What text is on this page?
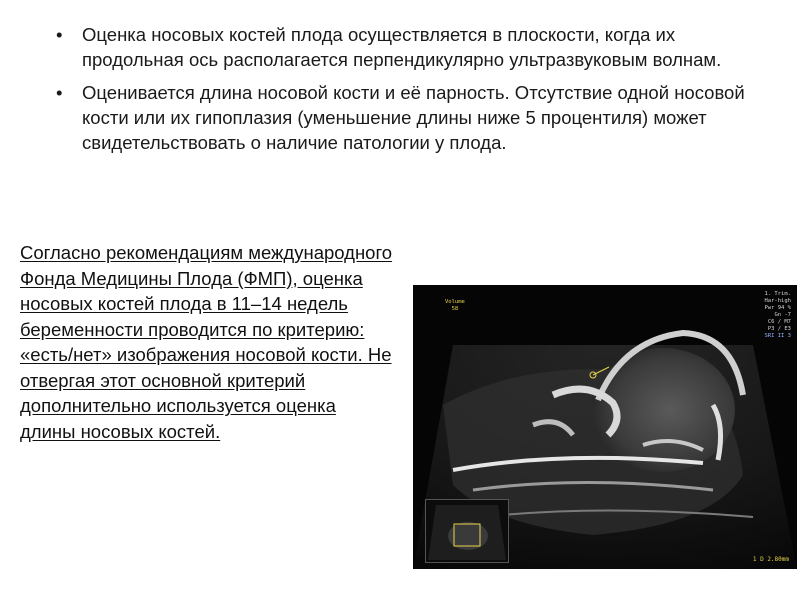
• Оценка носовых костей плода осуществляется в плоскости, когда их продольная ось располагается перпендикулярно ультразвуковым волнам.
• Оценивается длина носовой кости и её парность. Отсутствие одной носовой кости или их гипоплазия (уменьшение длины ниже 5 процентиля) может свидетельствовать о наличие патологии у плода.
Согласно рекомендациям международного Фонда Медицины Плода (ФМП), оценка носовых костей плода в 11–14 недель беременности проводится по критерию: «есть/нет» изображения носовой кости. Не отвергая этот основной критерий дополнительно используется оценка длины носовых костей.
Volume
58
1. Trim.
Har-high
Pwr 94 %
Gn -7
C6 / M7
P3 / E3
SRI II 3
1 D 2.80mm
